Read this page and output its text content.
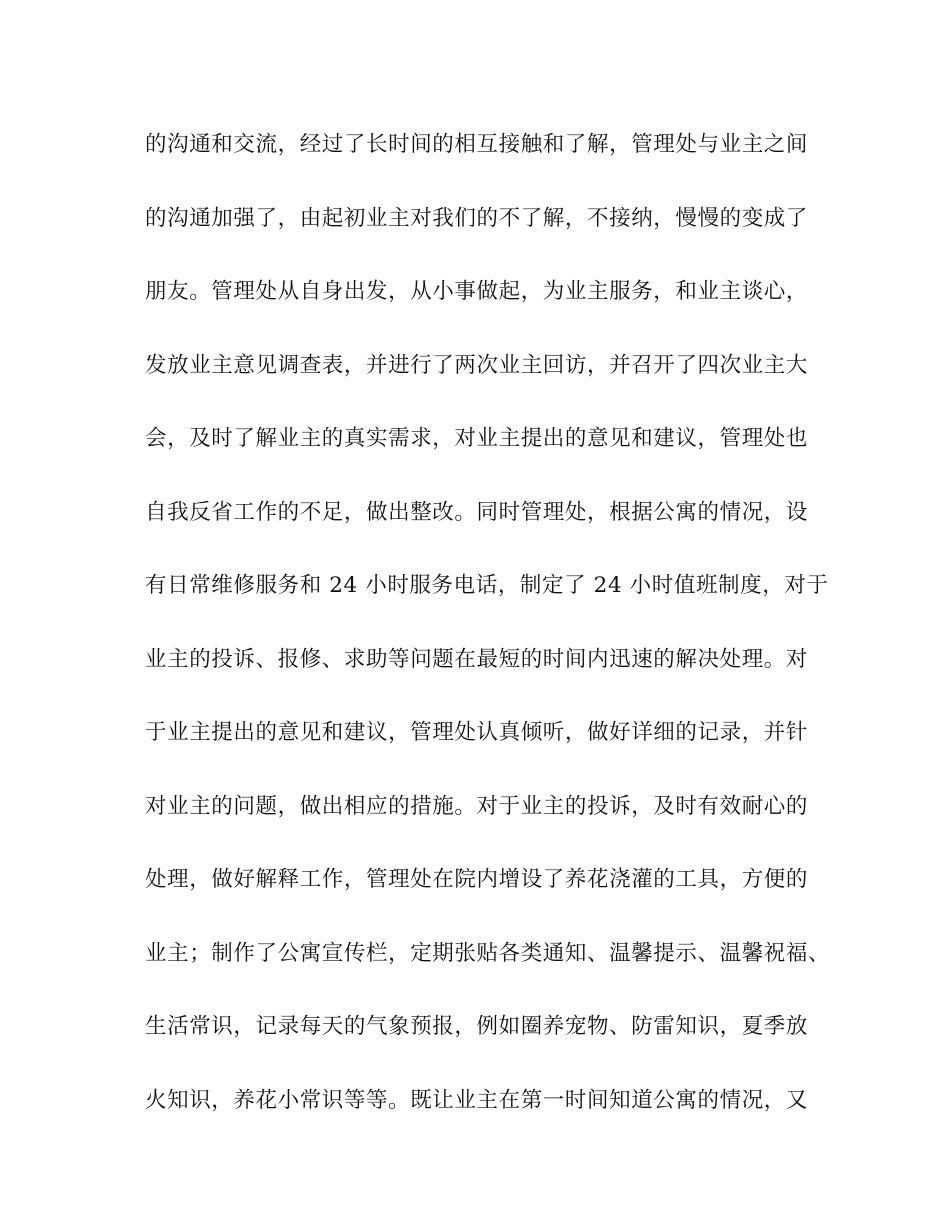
的沟通和交流，经过了长时间的相互接触和了解，管理处与业主之间
的沟通加强了，由起初业主对我们的不了解，不接纳，慢慢的变成了
朋友。管理处从自身出发，从小事做起，为业主服务，和业主谈心，
发放业主意见调查表，并进行了两次业主回访，并召开了四次业主大
会，及时了解业主的真实需求，对业主提出的意见和建议，管理处也
自我反省工作的不足，做出整改。同时管理处，根据公寓的情况，设
有日常维修服务和 24 小时服务电话，制定了 24 小时值班制度，对于
业主的投诉、报修、求助等问题在最短的时间内迅速的解决处理。对
于业主提出的意见和建议，管理处认真倾听，做好详细的记录，并针
对业主的问题，做出相应的措施。对于业主的投诉，及时有效耐心的
处理，做好解释工作，管理处在院内增设了养花浇灌的工具，方便的
业主；制作了公寓宣传栏，定期张贴各类通知、温馨提示、温馨祝福、
生活常识，记录每天的气象预报，例如圈养宠物、防雷知识，夏季放
火知识，养花小常识等等。既让业主在第一时间知道公寓的情况，又
